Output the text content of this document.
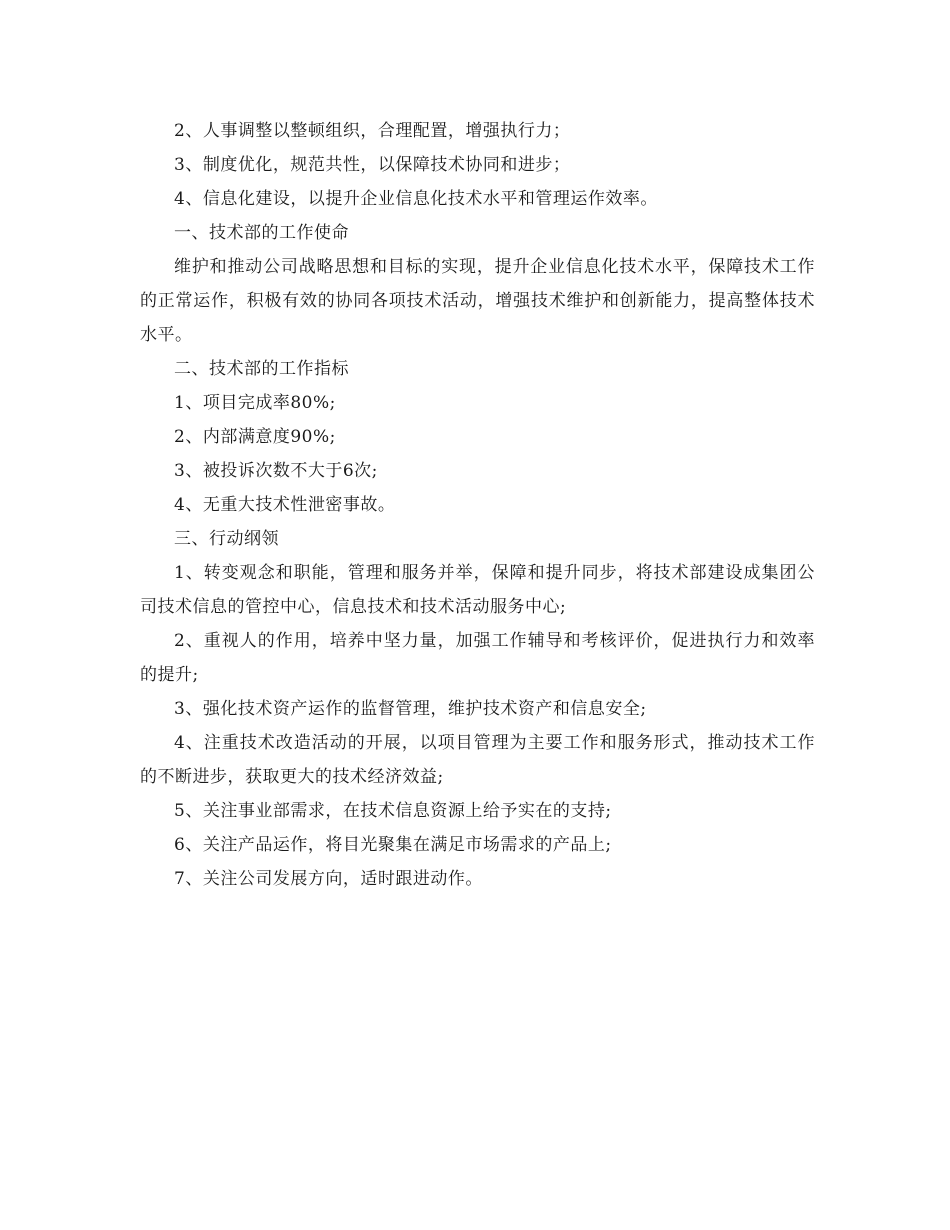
2、人事调整以整顿组织，合理配置，增强执行力；

3、制度优化，规范共性，以保障技术协同和进步；

4、信息化建设，以提升企业信息化技术水平和管理运作效率。

一、技术部的工作使命

维护和推动公司战略思想和目标的实现，提升企业信息化技术水平，保障技术工作的正常运作，积极有效的协同各项技术活动，增强技术维护和创新能力，提高整体技术水平。

二、技术部的工作指标

1、项目完成率80%;

2、内部满意度90%;

3、被投诉次数不大于6次;

4、无重大技术性泄密事故。

三、行动纲领

1、转变观念和职能，管理和服务并举，保障和提升同步，将技术部建设成集团公司技术信息的管控中心，信息技术和技术活动服务中心;

2、重视人的作用，培养中坚力量，加强工作辅导和考核评价，促进执行力和效率的提升;

3、强化技术资产运作的监督管理，维护技术资产和信息安全;

4、注重技术改造活动的开展，以项目管理为主要工作和服务形式，推动技术工作的不断进步，获取更大的技术经济效益;

5、关注事业部需求，在技术信息资源上给予实在的支持;

6、关注产品运作，将目光聚集在满足市场需求的产品上;

7、关注公司发展方向，适时跟进动作。
